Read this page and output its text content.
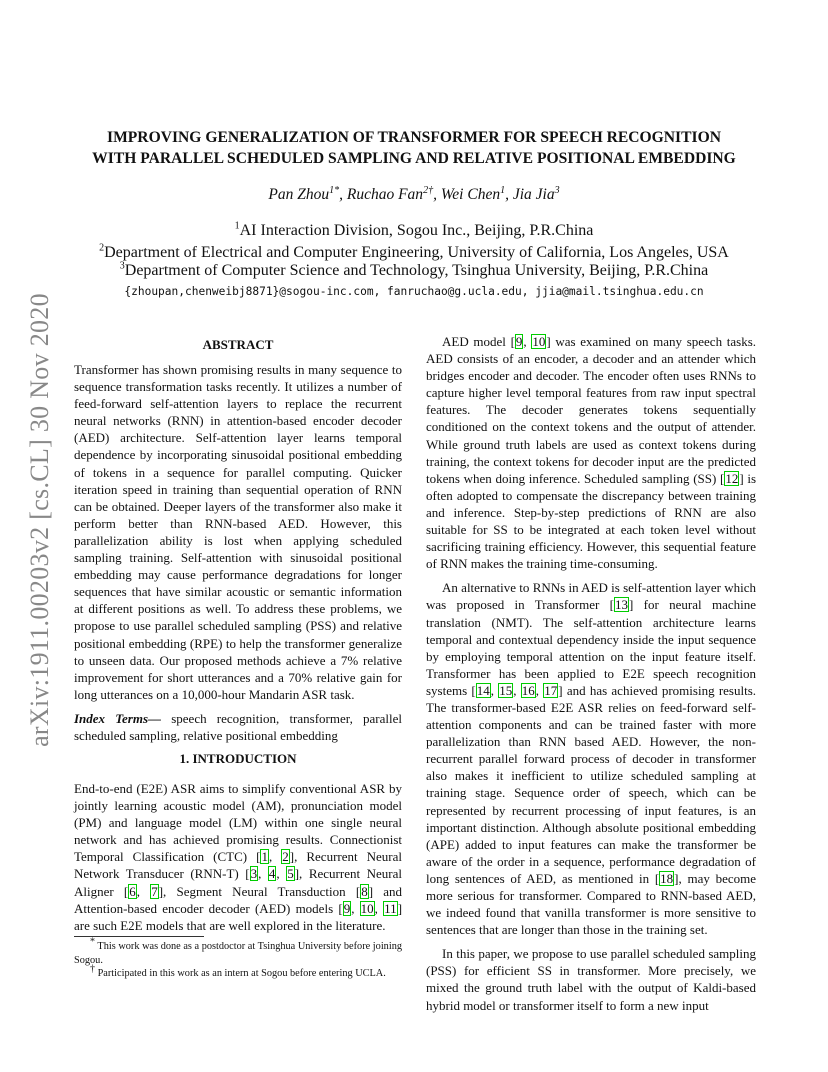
arXiv:1911.00203v2 [cs.CL] 30 Nov 2020
IMPROVING GENERALIZATION OF TRANSFORMER FOR SPEECH RECOGNITION
WITH PARALLEL SCHEDULED SAMPLING AND RELATIVE POSITIONAL EMBEDDING
Pan Zhou$^{1*}$, Ruchao Fan$^{2\dagger}$, Wei Chen$^1$, Jia Jia$^3$
$^1$AI Interaction Division, Sogou Inc., Beijing, P.R.China
$^2$Department of Electrical and Computer Engineering, University of California, Los Angeles, USA
$^3$Department of Computer Science and Technology, Tsinghua University, Beijing, P.R.China
{zhoupan,chenweibj8871}@sogou-inc.com, fanruchao@g.ucla.edu, jjia@mail.tsinghua.edu.cn
ABSTRACT

Transformer has shown promising results in many sequence to sequence transformation tasks recently. It utilizes a number of feed-forward self-attention layers to replace the recurrent neural networks (RNN) in attention-based encoder decoder (AED) architecture. Self-attention layer learns temporal dependence by incorporating sinusoidal positional embedding of tokens in a sequence for parallel computing. Quicker iteration speed in training than sequential operation of RNN can be obtained. Deeper layers of the transformer also make it perform better than RNN-based AED. However, this parallelization ability is lost when applying scheduled sampling training. Self-attention with sinusoidal positional embedding may cause performance degradations for longer sequences that have similar acoustic or semantic information at different positions as well. To address these problems, we propose to use parallel scheduled sampling (PSS) and relative positional embedding (RPE) to help the transformer generalize to unseen data. Our proposed methods achieve a 7% relative improvement for short utterances and a 70% relative gain for long utterances on a 10,000-hour Mandarin ASR task.

Index Terms— speech recognition, transformer, parallel scheduled sampling, relative positional embedding

1. INTRODUCTION

End-to-end (E2E) ASR aims to simplify conventional ASR by jointly learning acoustic model (AM), pronunciation model (PM) and language model (LM) within one single neural network and has achieved promising results. Connectionist Temporal Classification (CTC) [1, 2], Recurrent Neural Network Transducer (RNN-T) [3, 4, 5], Recurrent Neural Aligner [6, 7], Segment Neural Transduction [8] and Attention-based encoder decoder (AED) models [9, 10, 11] are such E2E models that are well explored in the literature.

* This work was done as a postdoctor at Tsinghua University before joining Sogou.

† Participated in this work as an intern at Sogou before entering UCLA.

AED model [9, 10] was examined on many speech tasks. AED consists of an encoder, a decoder and an attender which bridges encoder and decoder. The encoder often uses RNNs to capture higher level temporal features from raw input spectral features. The decoder generates tokens sequentially conditioned on the context tokens and the output of attender. While ground truth labels are used as context tokens during training, the context tokens for decoder input are the predicted tokens when doing inference. Scheduled sampling (SS) [12] is often adopted to compensate the discrepancy between training and inference. Step-by-step predictions of RNN are also suitable for SS to be integrated at each token level without sacrificing training efficiency. However, this sequential feature of RNN makes the training time-consuming.

An alternative to RNNs in AED is self-attention layer which was proposed in Transformer [13] for neural machine translation (NMT). The self-attention architecture learns temporal and contextual dependency inside the input sequence by employing temporal attention on the input feature itself. Transformer has been applied to E2E speech recognition systems [14, 15, 16, 17] and has achieved promising results. The transformer-based E2E ASR relies on feed-forward self-attention components and can be trained faster with more parallelization than RNN based AED. However, the non-recurrent parallel forward process of decoder in transformer also makes it inefficient to utilize scheduled sampling at training stage. Sequence order of speech, which can be represented by recurrent processing of input features, is an important distinction. Although absolute positional embedding (APE) added to input features can make the transformer be aware of the order in a sequence, performance degradation of long sentences of AED, as mentioned in [18], may become more serious for transformer. Compared to RNN-based AED, we indeed found that vanilla transformer is more sensitive to sentences that are longer than those in the training set.

In this paper, we propose to use parallel scheduled sampling (PSS) for efficient SS in transformer. More precisely, we mixed the ground truth label with the output of Kaldi-based hybrid model or transformer itself to form a new input
